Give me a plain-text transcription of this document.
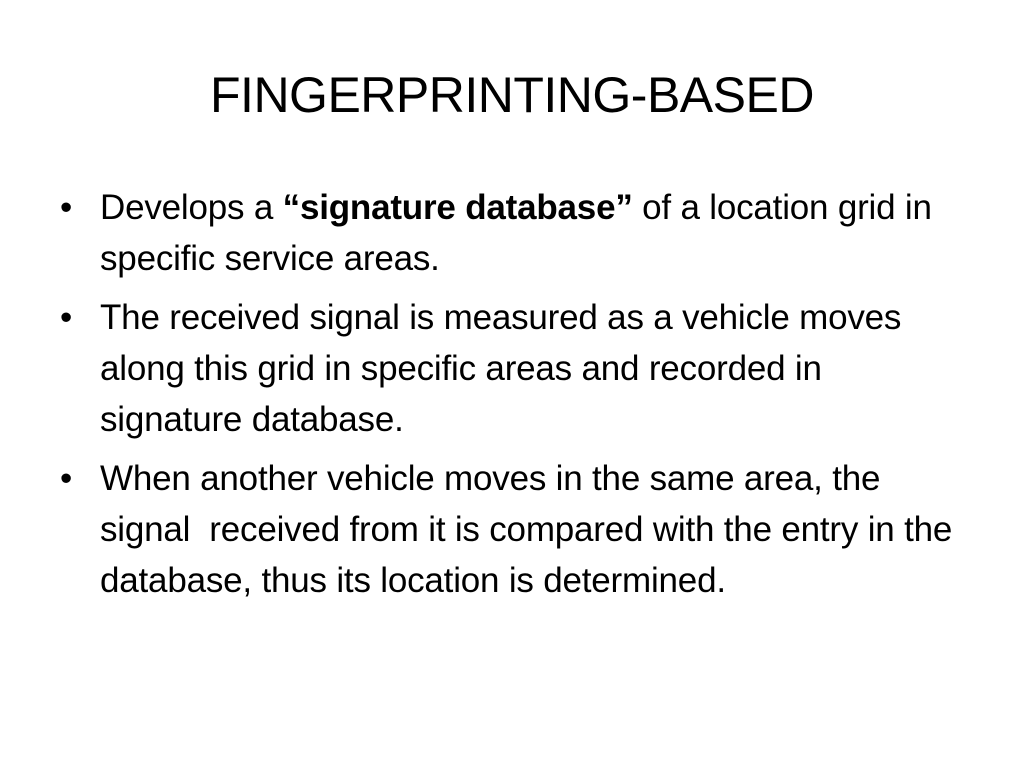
FINGERPRINTING-BASED
• Develops a “signature database” of a location grid in specific service areas.
• The received signal is measured as a vehicle moves along this grid in specific areas and recorded in signature database.
• When another vehicle moves in the same area, the signal  received from it is compared with the entry in the database, thus its location is determined.
